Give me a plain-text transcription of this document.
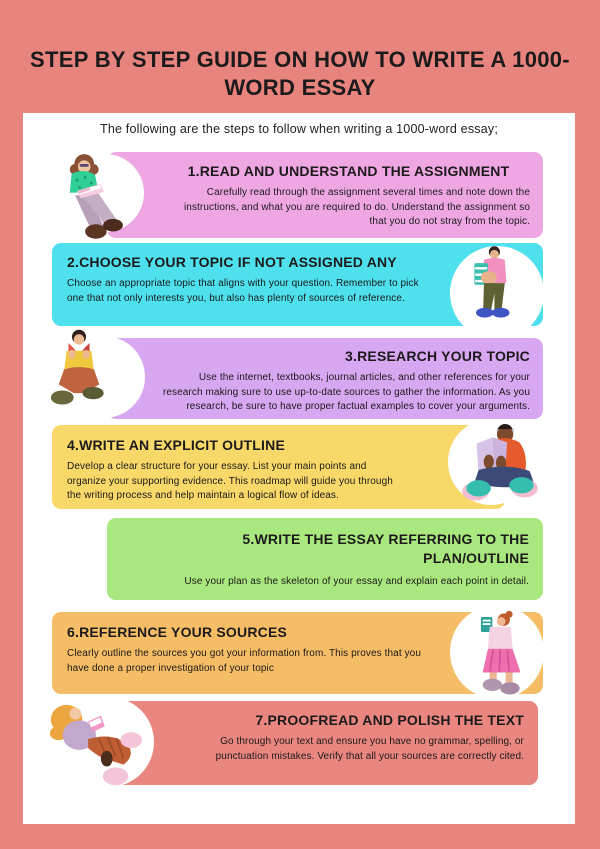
STEP BY STEP GUIDE ON HOW TO WRITE A 1000-WORD ESSAY

The following are the steps to follow when writing a 1000-word essay;

1.READ AND UNDERSTAND THE ASSIGNMENT

Carefully read through the assignment several times and note down the instructions, and what you are required to do. Understand the assignment so that you do not stray from the topic.

2.CHOOSE YOUR TOPIC IF NOT ASSIGNED ANY

Choose an appropriate topic that aligns with your question. Remember to pick one that not only interests you, but also has plenty of sources of reference.

3.RESEARCH YOUR TOPIC

Use the internet, textbooks, journal articles, and other references for your research making sure to use up-to-date sources to gather the information. As you research, be sure to have proper factual examples to cover your arguments.

4.WRITE AN EXPLICIT OUTLINE

Develop a clear structure for your essay. List your main points and organize your supporting evidence. This roadmap will guide you through the writing process and help maintain a logical flow of ideas.

5.WRITE THE ESSAY REFERRING TO THE PLAN/OUTLINE

Use your plan as the skeleton of your essay and explain each point in detail.

6.REFERENCE YOUR SOURCES

Clearly outline the sources you got your information from. This proves that you have done a proper investigation of your topic

7.PROOFREAD AND POLISH THE TEXT

Go through your text and ensure you have no grammar, spelling, or punctuation mistakes. Verify that all your sources are correctly cited.
